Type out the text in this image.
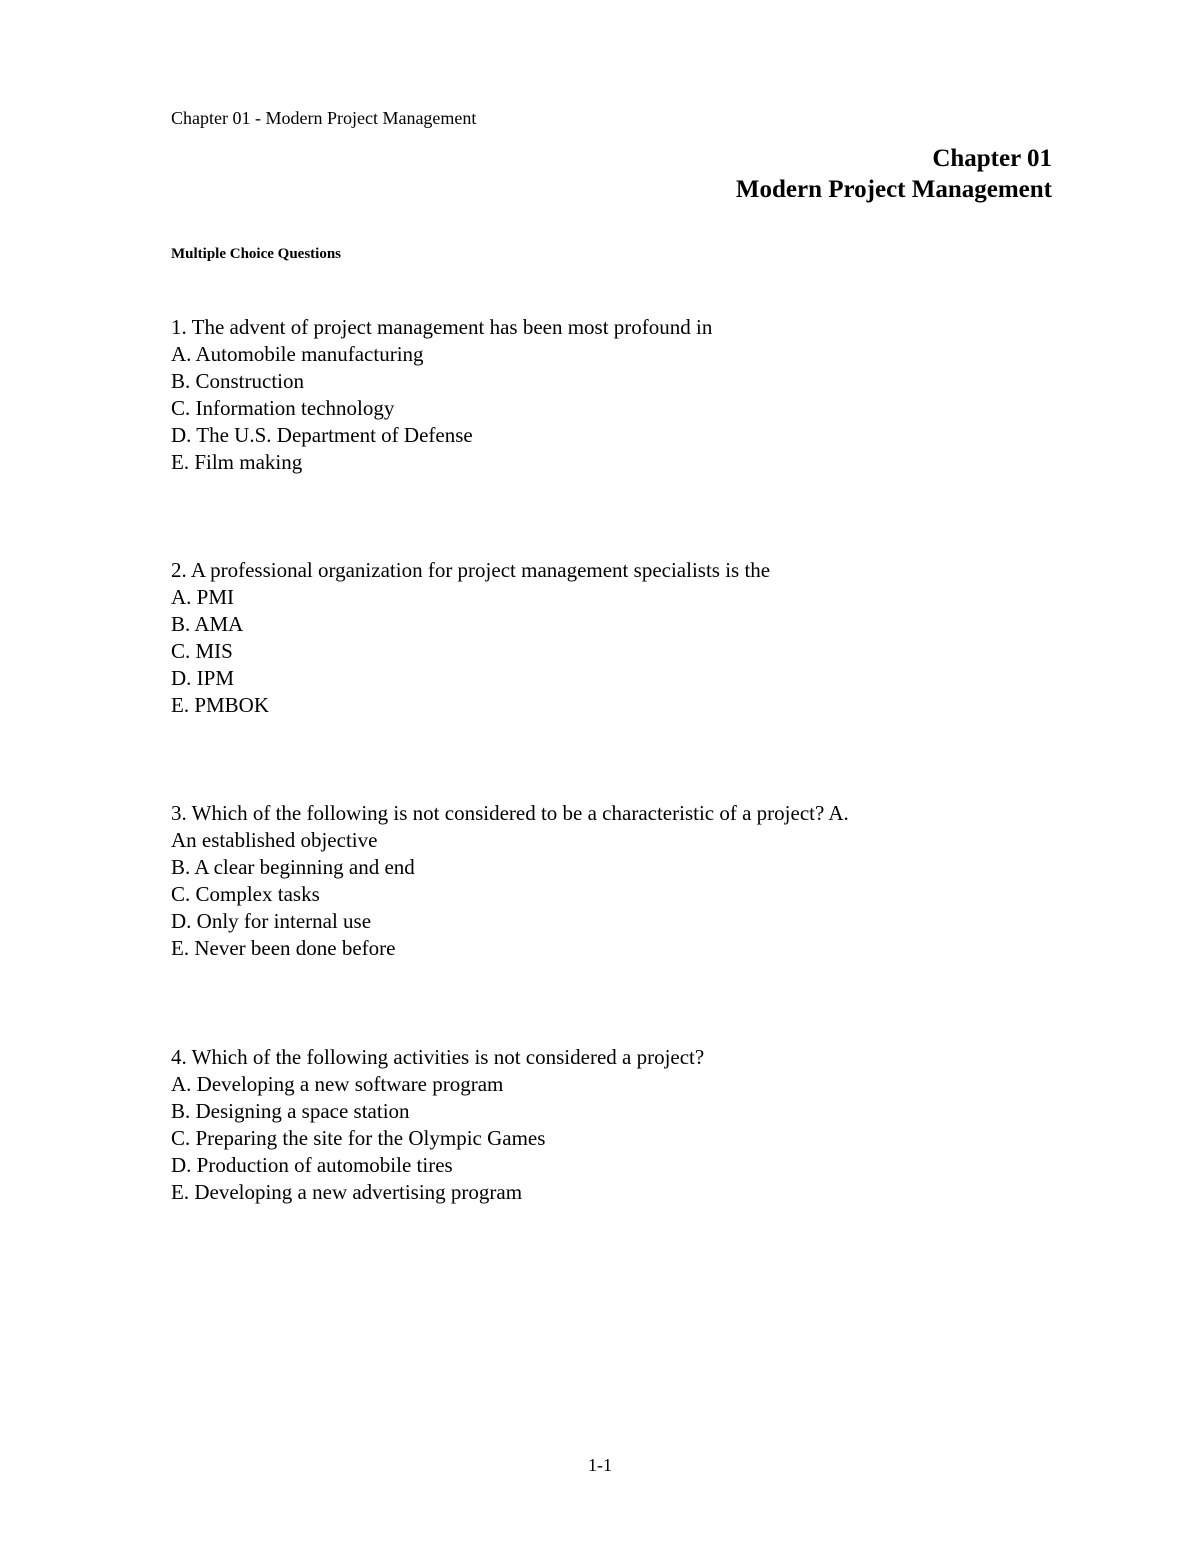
Chapter 01 - Modern Project Management
Chapter 01
Modern Project Management
Multiple Choice Questions

1. The advent of project management has been most profound in

A. Automobile manufacturing
B. Construction
C. Information technology
D. The U.S. Department of Defense
E. Film making

2. A professional organization for project management specialists is the

A. PMI
B. AMA
C. MIS
D. IPM
E. PMBOK

3. Which of the following is not considered to be a characteristic of a project? A. An established objective

B. A clear beginning and end
C. Complex tasks
D. Only for internal use
E. Never been done before

4. Which of the following activities is not considered a project?

A. Developing a new software program
B. Designing a space station
C. Preparing the site for the Olympic Games
D. Production of automobile tires
E. Developing a new advertising program
1-1
